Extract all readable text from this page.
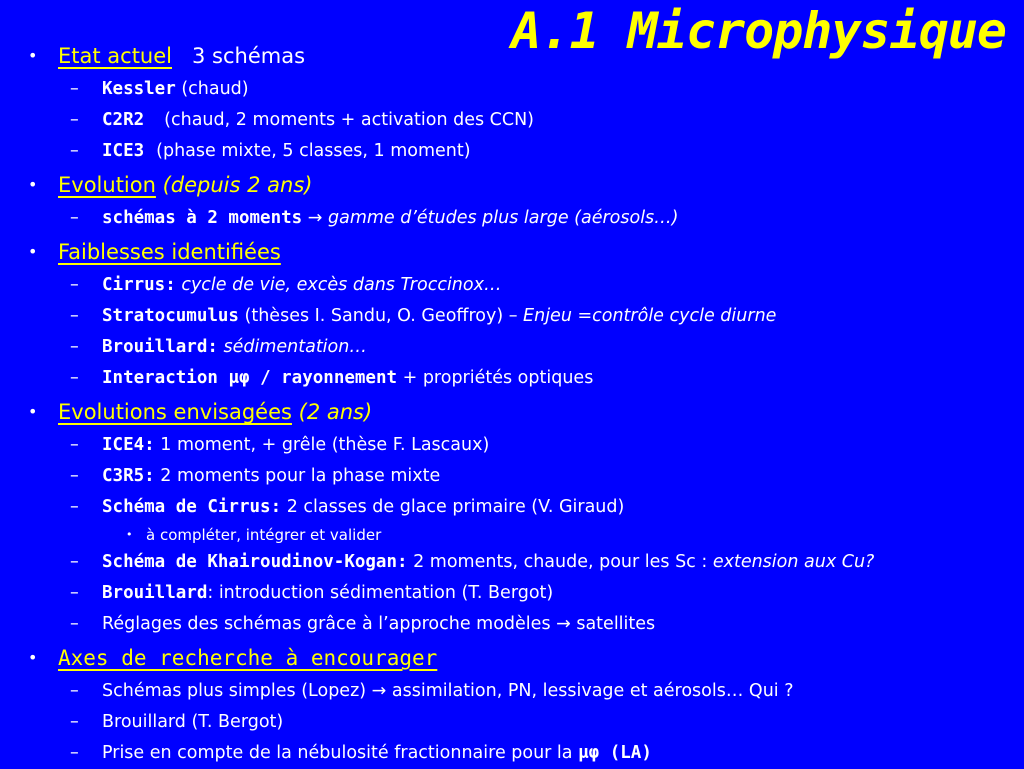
A.1 Microphysique
• Etat actuel 3 schémas
– Kessler (chaud)
– C2R2 (chaud, 2 moments + activation des CCN)
– ICE3 (phase mixte, 5 classes, 1 moment)
• Evolution (depuis 2 ans)
– schémas à 2 moments → gamme d’études plus large (aérosols…)
• Faiblesses identifiées
– Cirrus: cycle de vie, excès dans Troccinox…
– Stratocumulus (thèses I. Sandu, O. Geoffroy) – Enjeu =contrôle cycle diurne
– Brouillard: sédimentation…
– Interaction μφ / rayonnement + propriétés optiques
• Evolutions envisagées (2 ans)
– ICE4: 1 moment, + grêle (thèse F. Lascaux)
– C3R5: 2 moments pour la phase mixte
– Schéma de Cirrus: 2 classes de glace primaire (V. Giraud)
• à compléter, intégrer et valider
– Schéma de Khairoudinov-Kogan: 2 moments, chaude, pour les Sc : extension aux Cu?
– Brouillard: introduction sédimentation (T. Bergot)
– Réglages des schémas grâce à l’approche modèles → satellites
• Axes de recherche à encourager
– Schémas plus simples (Lopez) → assimilation, PN, lessivage et aérosols… Qui ?
– Brouillard (T. Bergot)
– Prise en compte de la nébulosité fractionnaire pour la μφ (LA)
